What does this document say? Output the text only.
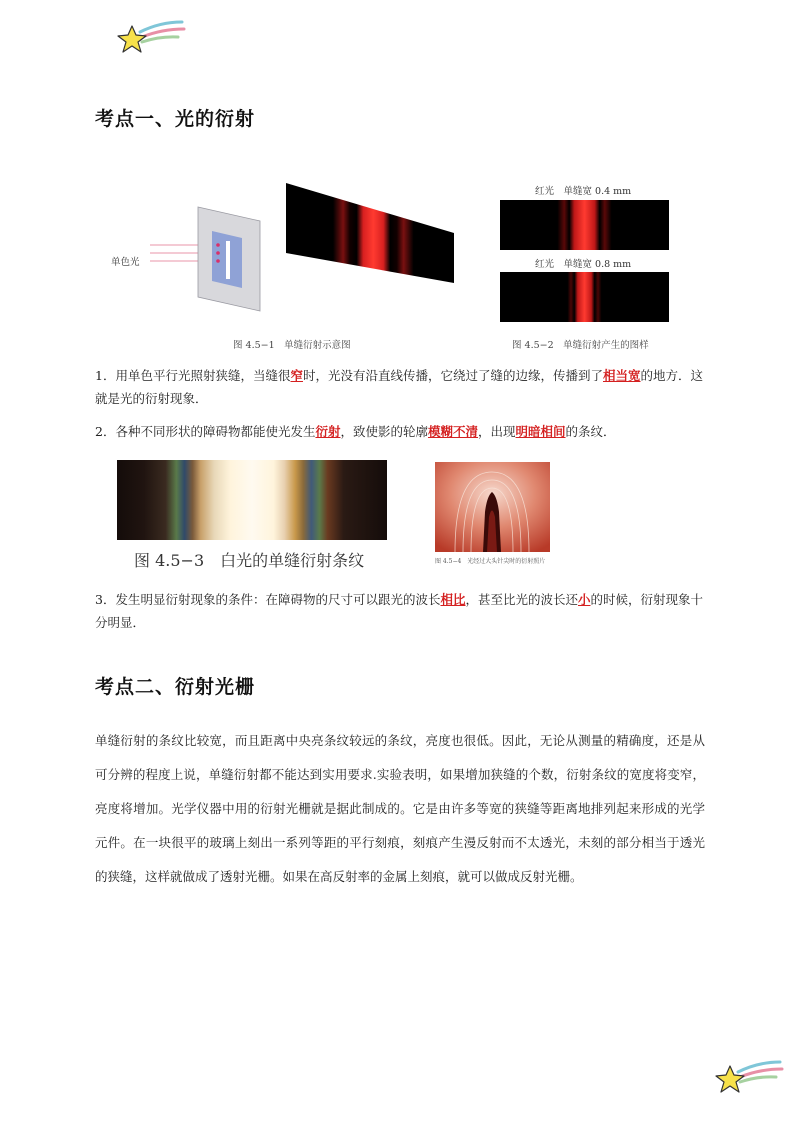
考点一、光的衍射
单色光
图 4.5−1　单缝衍射示意图
红光　单缝宽 0.4 mm
红光　单缝宽 0.8 mm
图 4.5−2　单缝衍射产生的图样
1．用单色平行光照射狭缝，当缝很窄时，光没有沿直线传播，它绕过了缝的边缘，传播到了相当宽的地方．这就是光的衍射现象．
2．各种不同形状的障碍物都能使光发生衍射，致使影的轮廓模糊不清，出现明暗相间的条纹．
图 4.5−3　白光的单缝衍射条纹	图 4.5−4　光经过大头针尖时的衍射照片
3．发生明显衍射现象的条件：在障碍物的尺寸可以跟光的波长相比，甚至比光的波长还小的时候，衍射现象十分明显．
考点二、衍射光栅
单缝衍射的条纹比较宽，而且距离中央亮条纹较远的条纹，亮度也很低。因此，无论从测量的精确度，还是从可分辨的程度上说，单缝衍射都不能达到实用要求.实验表明，如果增加狭缝的个数，衍射条纹的宽度将变窄，亮度将增加。光学仪器中用的衍射光栅就是据此制成的。它是由许多等宽的狭缝等距离地排列起来形成的光学元件。在一块很平的玻璃上刻出一系列等距的平行刻痕，刻痕产生漫反射而不太透光，未刻的部分相当于透光的狭缝，这样就做成了透射光栅。如果在高反射率的金属上刻痕，就可以做成反射光栅。
